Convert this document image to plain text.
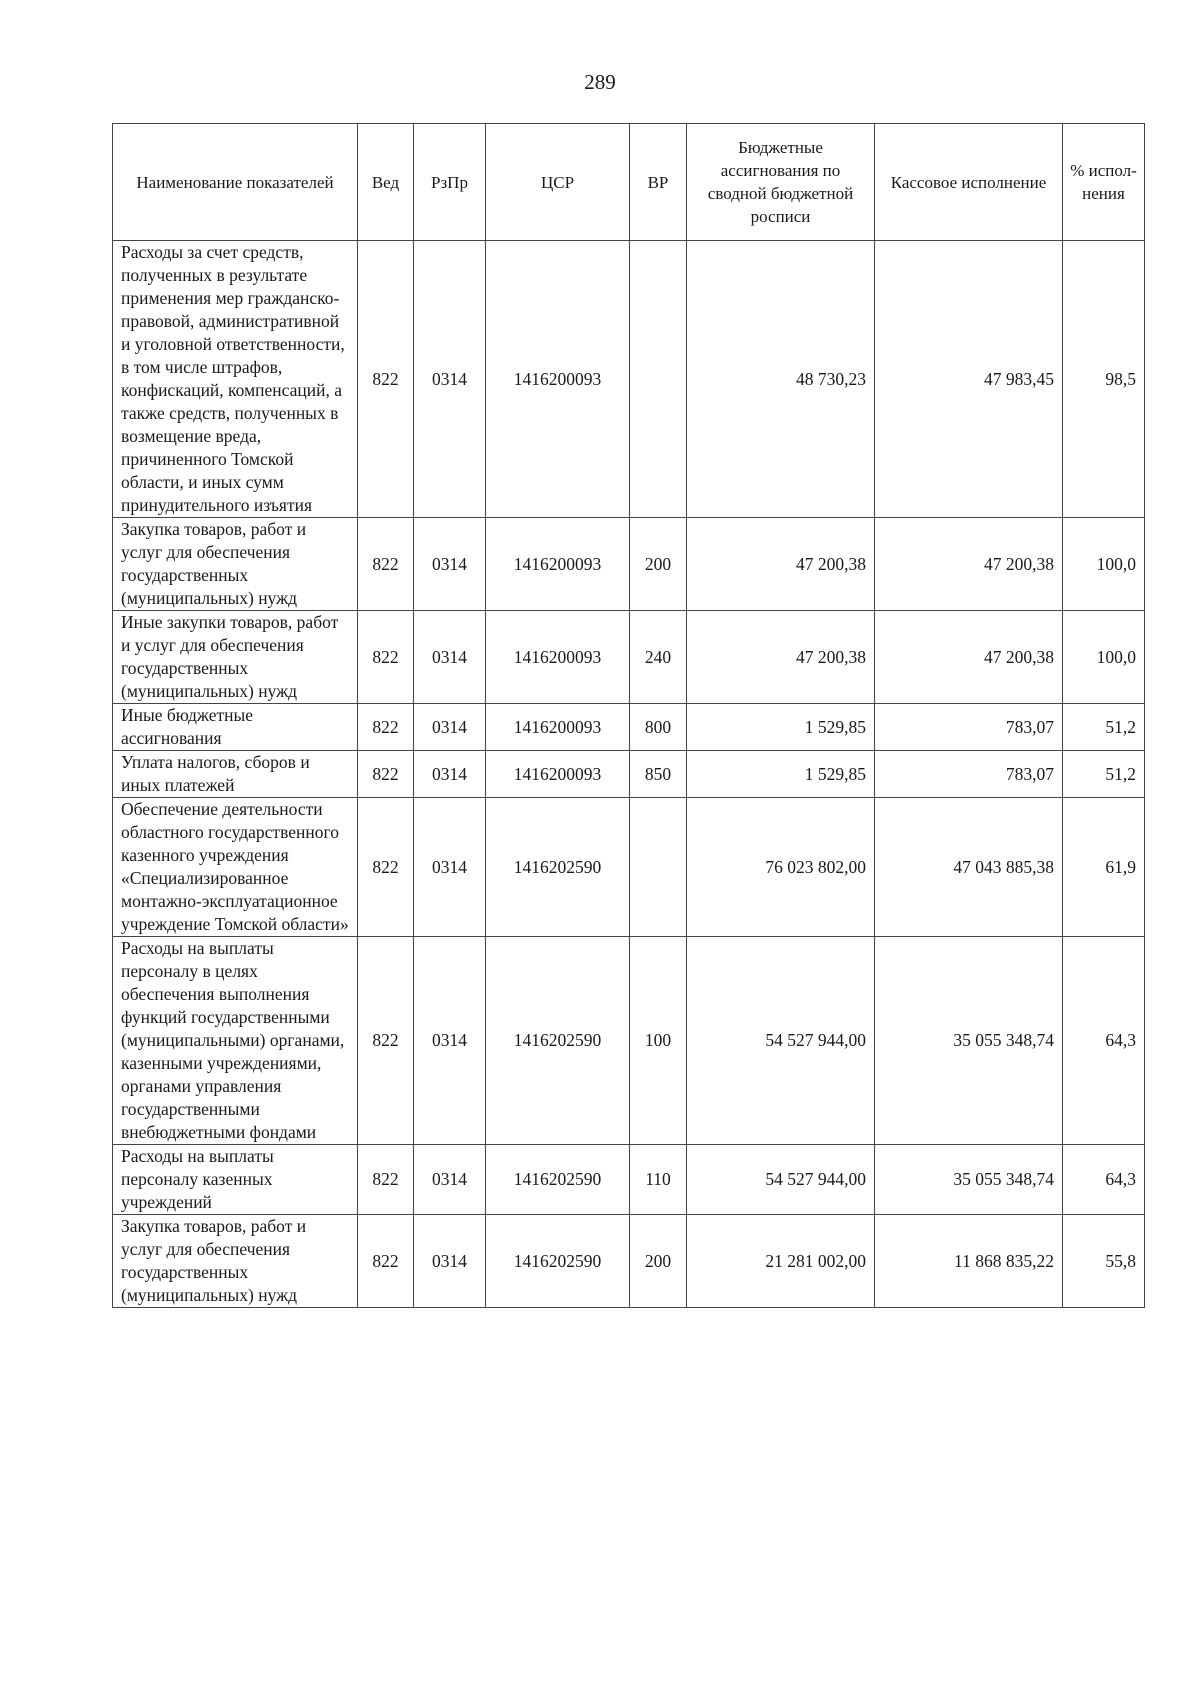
289
Наименование показателей	Вед	РзПр	ЦСР	ВР	Бюджетные ассигнования по сводной бюджетной росписи	Кассовое исполнение	% испол-нения
Расходы за счет средств, полученных в результате применения мер гражданско-правовой, административной и уголовной ответственности, в том числе штрафов, конфискаций, компенсаций, а также средств, полученных в возмещение вреда, причиненного Томской области, и иных сумм принудительного изъятия	822	0314	1416200093		48 730,23	47 983,45	98,5
Закупка товаров, работ и услуг для обеспечения государственных (муниципальных) нужд	822	0314	1416200093	200	47 200,38	47 200,38	100,0
Иные закупки товаров, работ и услуг для обеспечения государственных (муниципальных) нужд	822	0314	1416200093	240	47 200,38	47 200,38	100,0
Иные бюджетные ассигнования	822	0314	1416200093	800	1 529,85	783,07	51,2
Уплата налогов, сборов и иных платежей	822	0314	1416200093	850	1 529,85	783,07	51,2
Обеспечение деятельности областного государственного казенного учреждения «Специализированное монтажно-эксплуатационное учреждение Томской области»	822	0314	1416202590		76 023 802,00	47 043 885,38	61,9
Расходы на выплаты персоналу в целях обеспечения выполнения функций государственными (муниципальными) органами, казенными учреждениями, органами управления государственными внебюджетными фондами	822	0314	1416202590	100	54 527 944,00	35 055 348,74	64,3
Расходы на выплаты персоналу казенных учреждений	822	0314	1416202590	110	54 527 944,00	35 055 348,74	64,3
Закупка товаров, работ и услуг для обеспечения государственных (муниципальных) нужд	822	0314	1416202590	200	21 281 002,00	11 868 835,22	55,8
